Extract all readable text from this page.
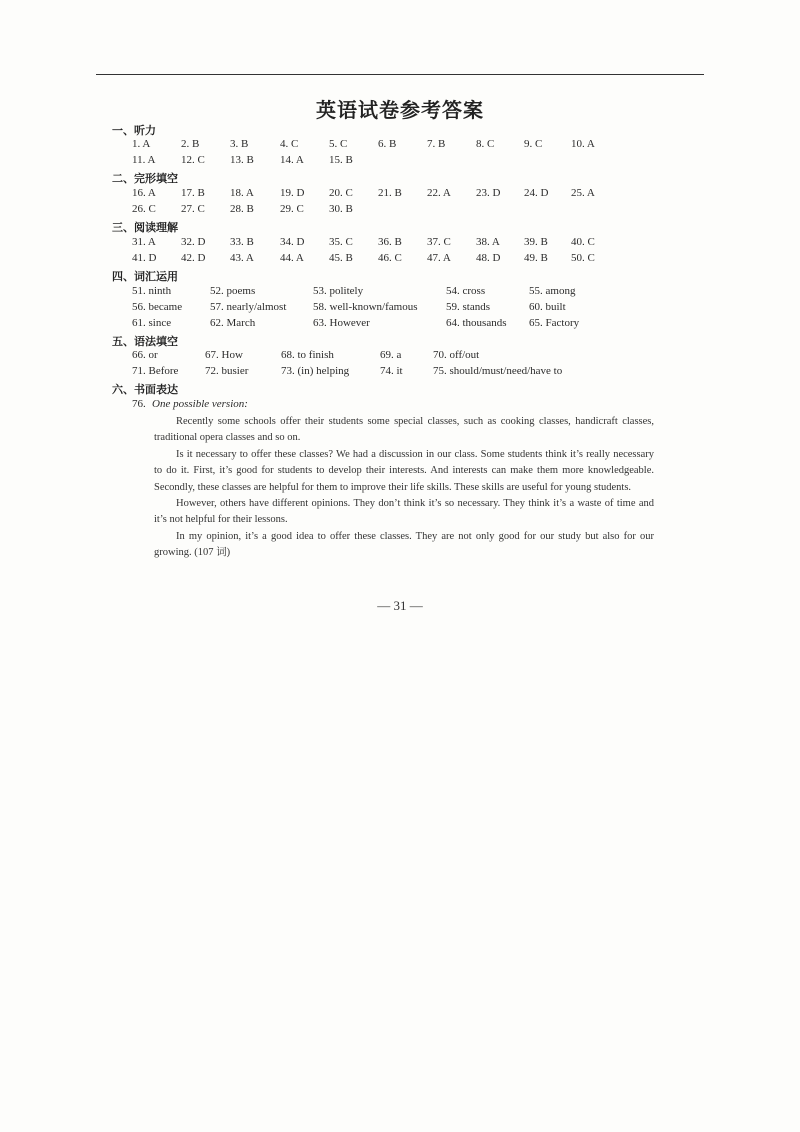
英语试卷参考答案
一、听力
1. A	2. B	3. B	4. C	5. C	6. B	7. B	8. C	9. C	10. A
11. A 12. C 13. B 14. A 15. B
二、完形填空
16. A 17. B 18. A 19. D 20. C 21. B 22. A 23. D 24. D 25. A
26. C 27. C 28. B 29. C 30. B
三、阅读理解
31. A 32. D 33. B 34. D 35. C 36. B 37. C 38. A 39. B 40. C
41. D 42. D 43. A 44. A 45. B 46. C 47. A 48. D 49. B 50. C
四、词汇运用
51. ninth	52. poems	53. politely	54. cross	55. among
56. became	57. nearly/almost 58. well-known/famous	59. stands	60. built
61. since	62. March	63. However	64. thousands 65. Factory
五、语法填空
66. or	67. How	68. to finish	69. a	70. off/out
71. Before 72. busier	73. (in) helping	74. it	75. should/must/need/have to
六、书面表达
76. One possible version:

Recently some schools offer their students some special classes, such as cooking classes, handicraft classes, traditional opera classes and so on.

Is it necessary to offer these classes? We had a discussion in our class. Some students think it’s really necessary to do it. First, it’s good for students to develop their interests. And interests can make them more knowledgeable. Secondly, these classes are helpful for them to improve their life skills. These skills are useful for young students.

However, others have different opinions. They don’t think it’s so necessary. They think it’s a waste of time and it’s not helpful for their lessons.

In my opinion, it’s a good idea to offer these classes. They are not only good for our study but also for our growing. (107 词)

— 31 —
